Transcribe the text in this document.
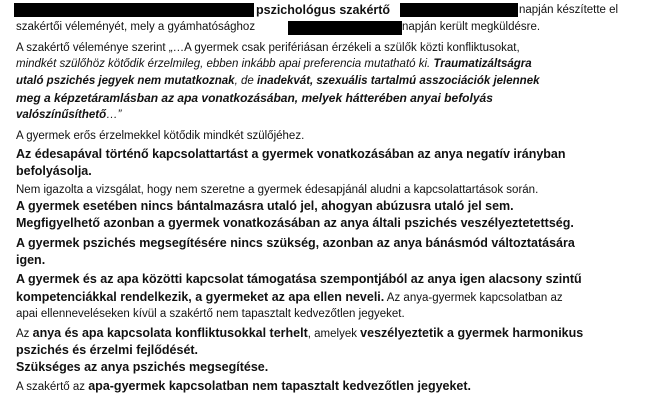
pszichológus szakértő	napján készítette el
szakértői véleményét, mely a gyámhatósághoz	napján került megküldésre.
A szakértő véleménye szerint „…A gyermek csak perifériásan érzékeli a szülők közti konfliktusokat,
mindkét szülőhöz kötődik érzelmileg, ebben inkább apai preferencia mutatható ki. Traumatizáltságra
utaló pszichés jegyek nem mutatkoznak, de inadekvát, szexuális tartalmú asszociációk jelennek
meg a képzetáramlásban az apa vonatkozásában, melyek hátterében anyai befolyás
valószínűsíthető…”
A gyermek erős érzelmekkel kötődik mindkét szülőjéhez.
Az édesapával történő kapcsolattartást a gyermek vonatkozásában az anya negatív irányban
befolyásolja.
Nem igazolta a vizsgálat, hogy nem szeretne a gyermek édesapjánál aludni a kapcsolattartások során.
A gyermek esetében nincs bántalmazásra utaló jel, ahogyan abúzusra utaló jel sem.
Megfigyelhető azonban a gyermek vonatkozásában az anya általi pszichés veszélyeztetettség.
A gyermek pszichés megsegítésére nincs szükség, azonban az anya bánásmód változtatására
igen.
A gyermek és az apa közötti kapcsolat támogatása szempontjából az anya igen alacsony szintű
kompetenciákkal rendelkezik, a gyermeket az apa ellen neveli. Az anya-gyermek kapcsolatban az
apai ellenneveléseken kívül a szakértő nem tapasztalt kedvezőtlen jegyeket.
Az anya és apa kapcsolata konfliktusokkal terhelt, amelyek veszélyeztetik a gyermek harmonikus
pszichés és érzelmi fejlődését.
Szükséges az anya pszichés megsegítése.
A szakértő az apa-gyermek kapcsolatban nem tapasztalt kedvezőtlen jegyeket.
